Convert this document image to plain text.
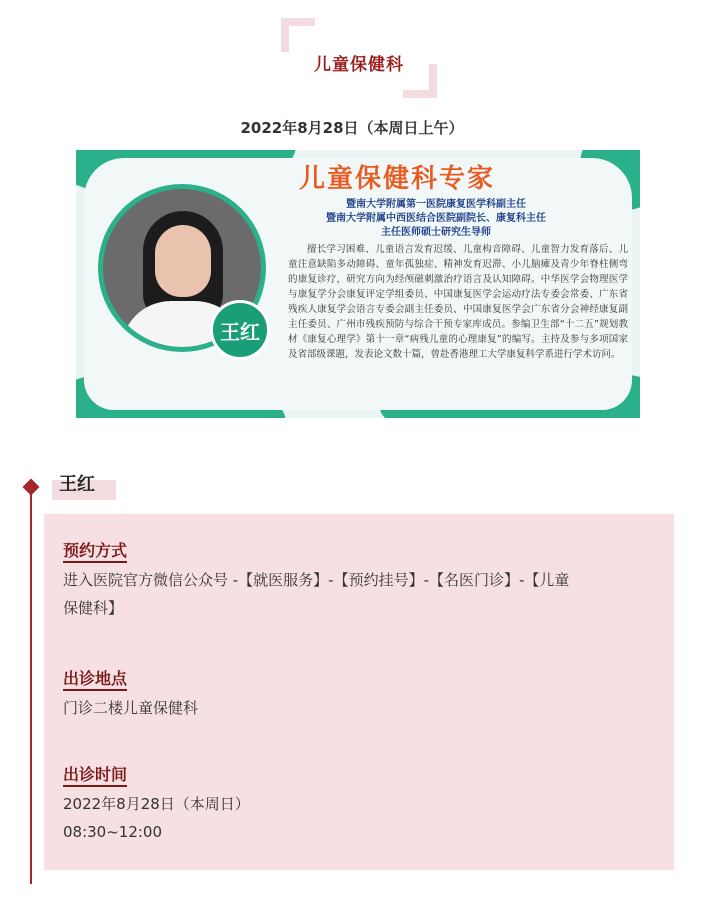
儿童保健科
2022年8月28日（本周日上午）
王红
儿童保健科专家
暨南大学附属第一医院康复医学科副主任
暨南大学附属中西医结合医院副院长、康复科主任
主任医师硕士研究生导师
擅长学习困难、儿童语言发育迟缓、儿童构音障碍、儿童智力发育落后、儿童注意缺陷多动障碍、童年孤独症、精神发育迟滞、小儿脑瘫及青少年脊柱侧弯的康复诊疗，研究方向为经颅磁刺激治疗语言及认知障碍。中华医学会物理医学与康复学分会康复评定学组委员、中国康复医学会运动疗法专委会常委、广东省残疾人康复学会语言专委会副主任委员、中国康复医学会广东省分会神经康复副主任委员、广州市残疾预防与综合干预专家库成员。参编卫生部“十二五”规划教材《康复心理学》第十一章“病残儿童的心理康复”的编写。主持及参与多项国家及省部级课题，发表论文数十篇，曾赴香港理工大学康复科学系进行学术访问。
王红
预约方式
进入医院官方微信公众号 -【就医服务】-【预约挂号】-【名医门诊】-【儿童
保健科】
出诊地点
门诊二楼儿童保健科
出诊时间
2022年8月28日（本周日）
08:30~12:00
